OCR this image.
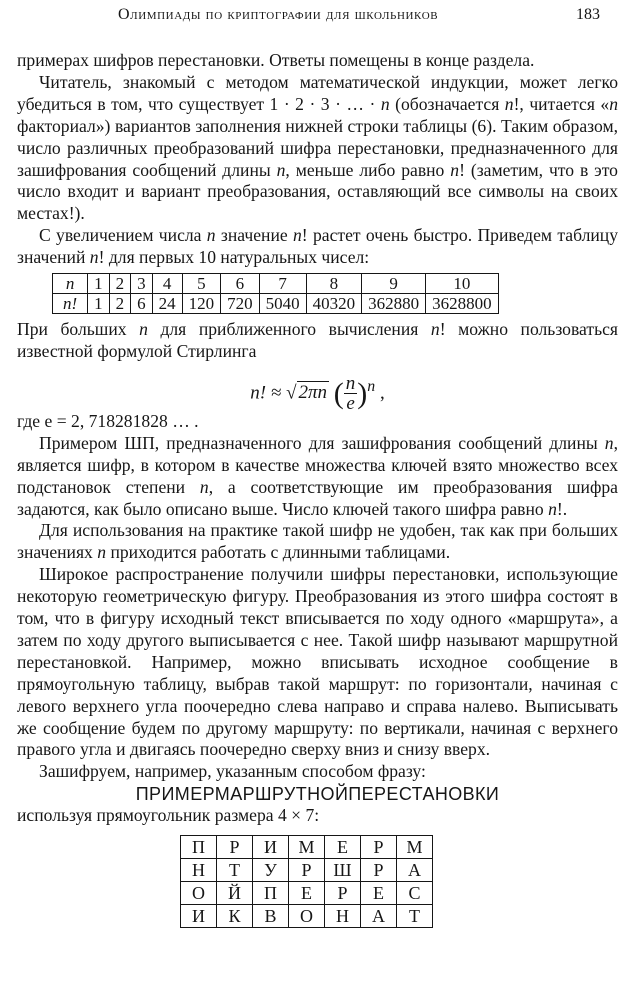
Олимпиады по криптографии для школьников	183

примерах шифров перестановки. Ответы помещены в конце раздела.

Читатель, знакомый с методом математической индукции, может легко убедиться в том, что существует 1 · 2 · 3 · … · n (обозначается n!, читается «n факториал») вариантов заполнения нижней строки таблицы (6). Таким образом, число различных преобразований шифра перестановки, предназначенного для зашифрования сообщений длины n, меньше либо равно n! (заметим, что в это число входит и вариант преобразования, оставляющий все символы на своих местах!).

С увеличением числа n значение n! растет очень быстро. Приведем таблицу значений n! для первых 10 натуральных чисел:

n	1	2	3	4	5	6	7	8	9	10
n!	1	2	6	24	120	720	5040	40320	362880	3628800

При больших n для приближенного вычисления n! можно пользоваться известной формулой Стирлинга

n! ≈ √ 2πn ( $\frac{n}{e} )^n$ ,

где e = 2, 718281828 … .

Примером ШП, предназначенного для зашифрования сообщений длины n, является шифр, в котором в качестве множества ключей взято множество всех подстановок степени n, а соответствующие им преобразования шифра задаются, как было описано выше. Число ключей такого шифра равно n!.

Для использования на практике такой шифр не удобен, так как при больших значениях n приходится работать с длинными таблицами.

Широкое распространение получили шифры перестановки, использующие некоторую геометрическую фигуру. Преобразования из этого шифра состоят в том, что в фигуру исходный текст вписывается по ходу одного «маршрута», а затем по ходу другого выписывается с нее. Такой шифр называют маршрутной перестановкой. Например, можно вписывать исходное сообщение в прямоугольную таблицу, выбрав такой маршрут: по горизонтали, начиная с левого верхнего угла поочередно слева направо и справа налево. Выписывать же сообщение будем по другому маршруту: по вертикали, начиная с верхнего правого угла и двигаясь поочередно сверху вниз и снизу вверх.

Зашифруем, например, указанным способом фразу:

ПРИМЕРМАРШРУТНОЙПЕРЕСТАНОВКИ

используя прямоугольник размера 4 × 7:

П	Р	И	М	Е	Р	М
Н	Т	У	Р	Ш	Р	А
О	Й	П	Е	Р	Е	С
И	К	В	О	Н	А	Т
